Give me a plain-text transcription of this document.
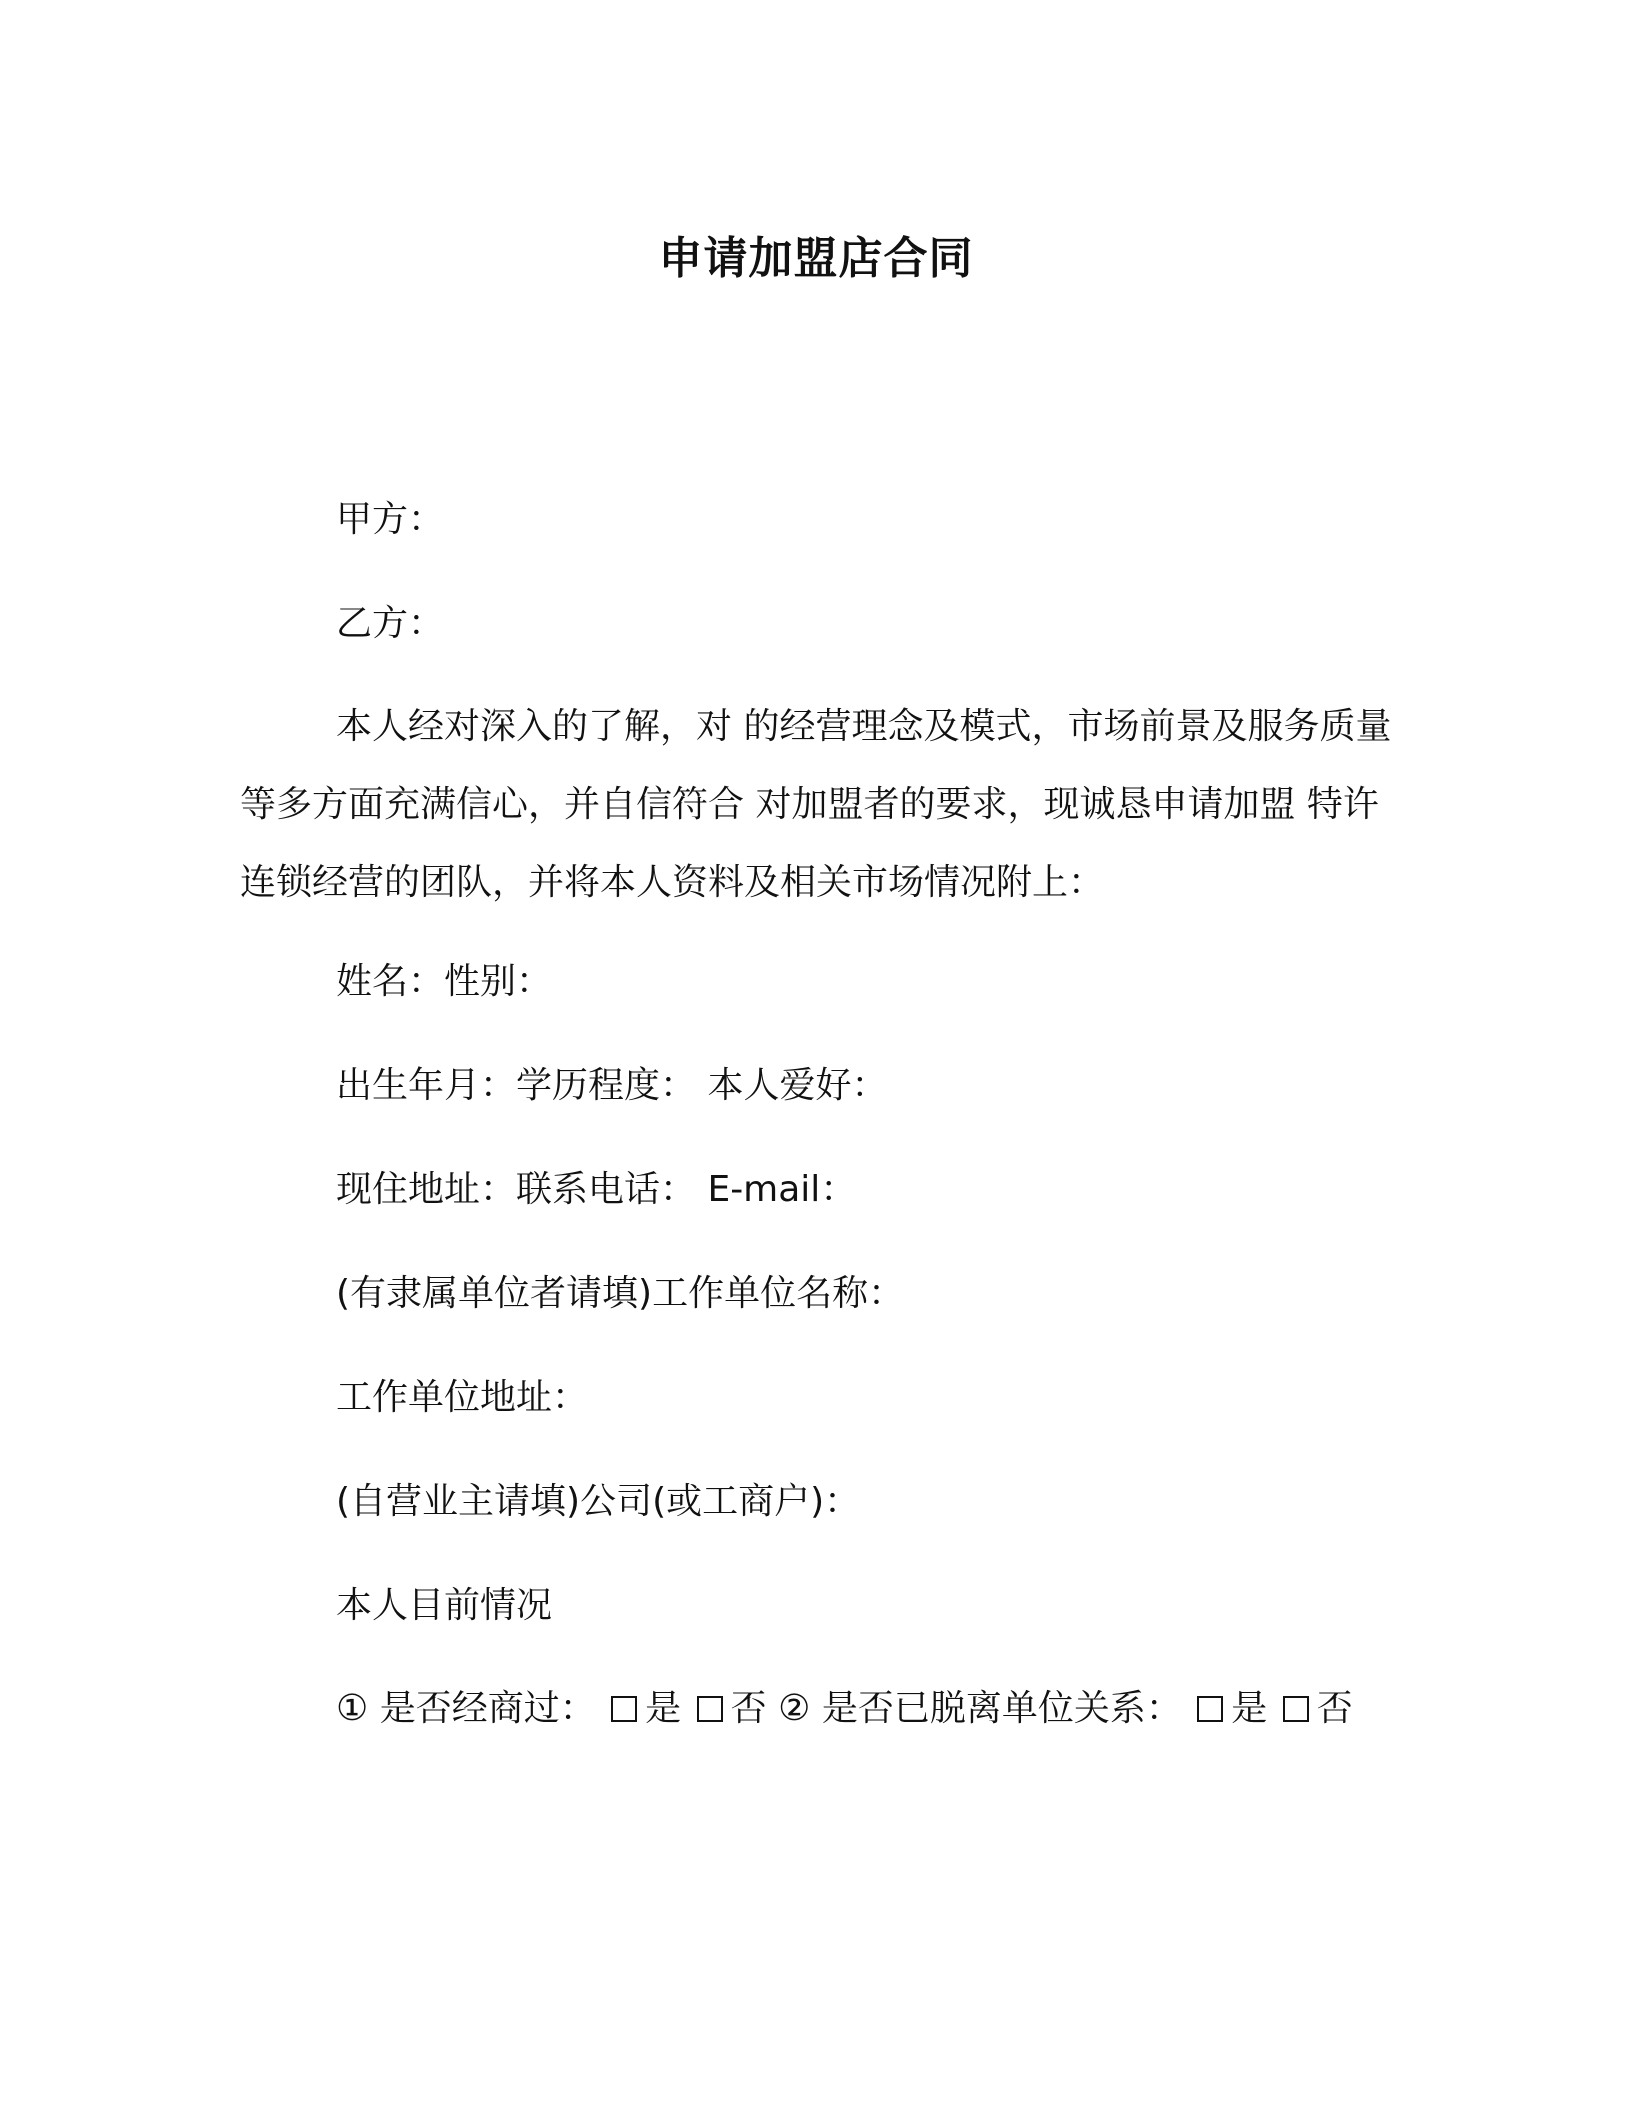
申请加盟店合同

甲方：

乙方：

本人经对深入的了解，对 的经营理念及模式，市场前景及服务质量等多方面充满信心，并自信符合 对加盟者的要求，现诚恳申请加盟 特许连锁经营的团队，并将本人资料及相关市场情况附上：

姓名：性别：

出生年月：学历程度： 本人爱好：

现住地址：联系电话： E-mail：

(有隶属单位者请填)工作单位名称：

工作单位地址：

(自营业主请填)公司(或工商户)：

本人目前情况

① 是否经商过： 是 否 ② 是否已脱离单位关系： 是 否
